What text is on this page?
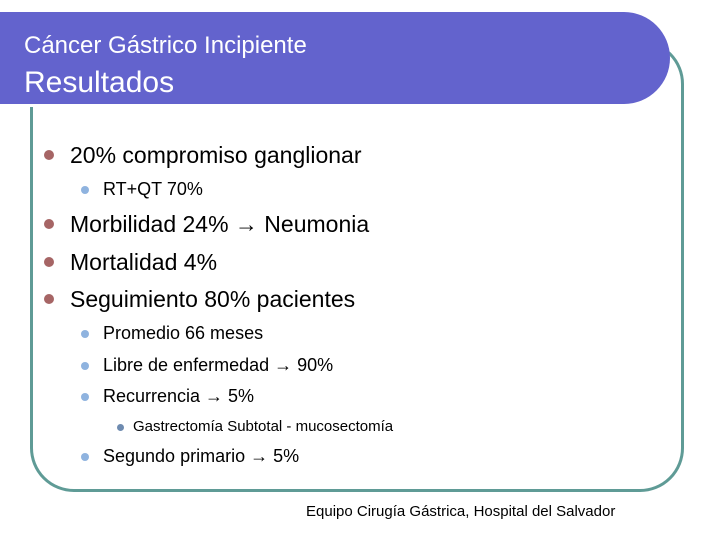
Cáncer Gástrico Incipiente
Resultados
20% compromiso ganglionar
RT+QT 70%
Morbilidad 24% → Neumonia
Mortalidad 4%
Seguimiento 80% pacientes
Promedio 66 meses
Libre de enfermedad → 90%
Recurrencia → 5%
Gastrectomía Subtotal - mucosectomía
Segundo primario → 5%
Equipo Cirugía Gástrica, Hospital del Salvador
